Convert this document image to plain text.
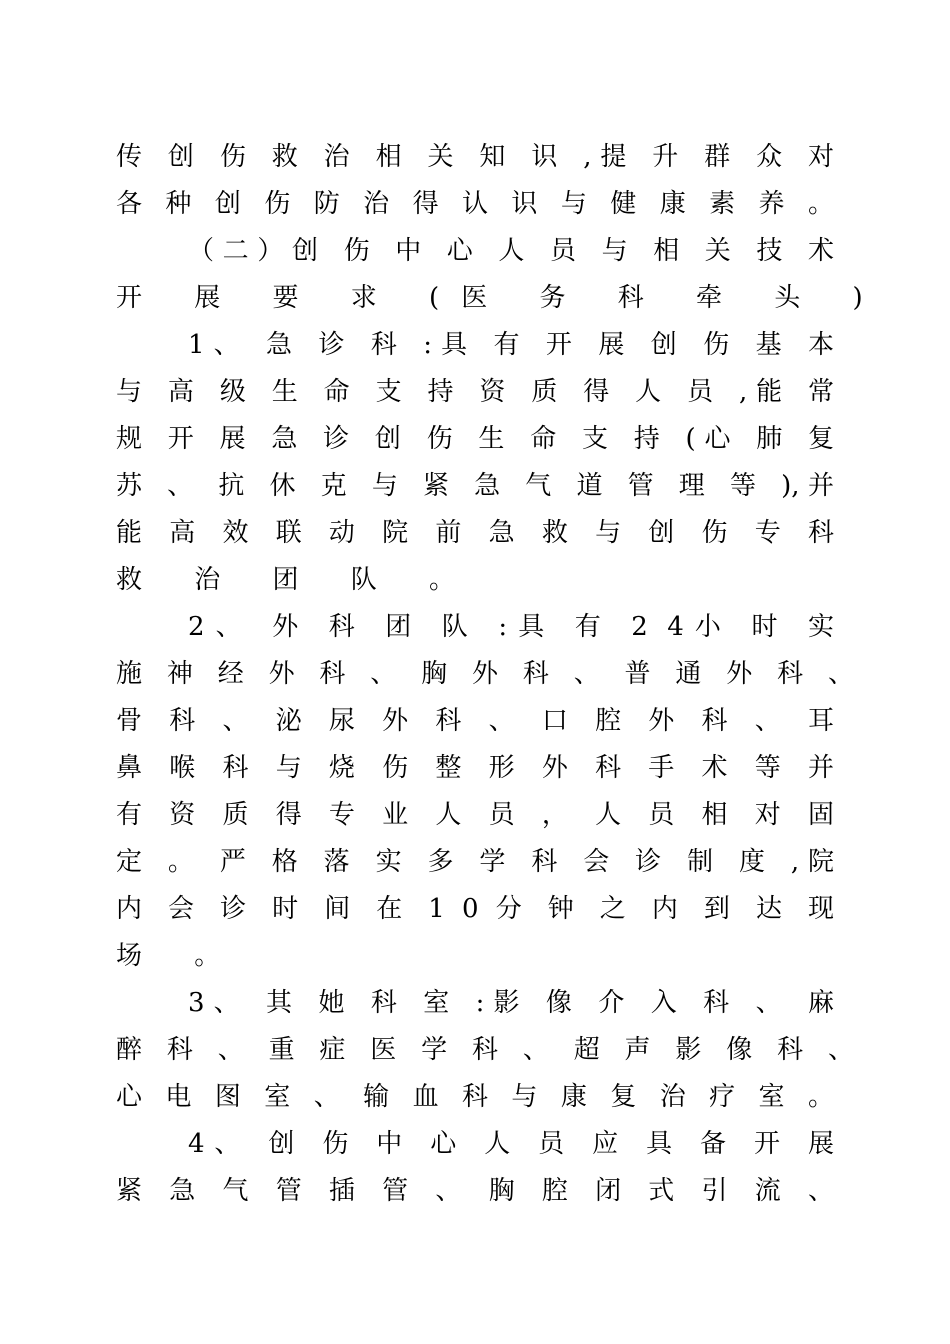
传 创 伤 救 治 相 关 知 识 ,提 升 群 众 对
各 种 创 伤 防 治 得 认 识 与 健 康 素 养 。
（二）创 伤 中 心 人 员 与 相 关 技 术
开 展 要 求 (医 务 科 牵 头 )
1、 急 诊 科 :具 有 开 展 创 伤 基 本
与 高 级 生 命 支 持 资 质 得 人 员 ,能 常
规 开 展 急 诊 创 伤 生 命 支 持 (心 肺 复
苏 、 抗 休 克 与 紧 急 气 道 管 理 等 ),并
能 高 效 联 动 院 前 急 救 与 创 伤 专 科
救 治 团 队 。
2、 外 科 团 队 :具 有 2 4小 时 实
施 神 经 外 科 、 胸 外 科 、 普 通 外 科 、
骨 科 、 泌 尿 外 科 、 口 腔 外 科 、 耳
鼻 喉 科 与 烧 伤 整 形 外 科 手 术 等 并
有 资 质 得 专 业 人 员 ， 人 员 相 对 固
定 。 严 格 落 实 多 学 科 会 诊 制 度 ,院
内 会 诊 时 间 在 1 0 分 钟 之 内 到 达 现
场 。
3、 其 她 科 室 :影 像 介 入 科 、 麻
醉 科 、 重 症 医 学 科 、 超 声 影 像 科 、
心 电 图 室 、 输 血 科 与 康 复 治 疗 室 。
4、 创 伤 中 心 人 员 应 具 备 开 展
紧 急 气 管 插 管 、 胸 腔 闭 式 引 流 、
